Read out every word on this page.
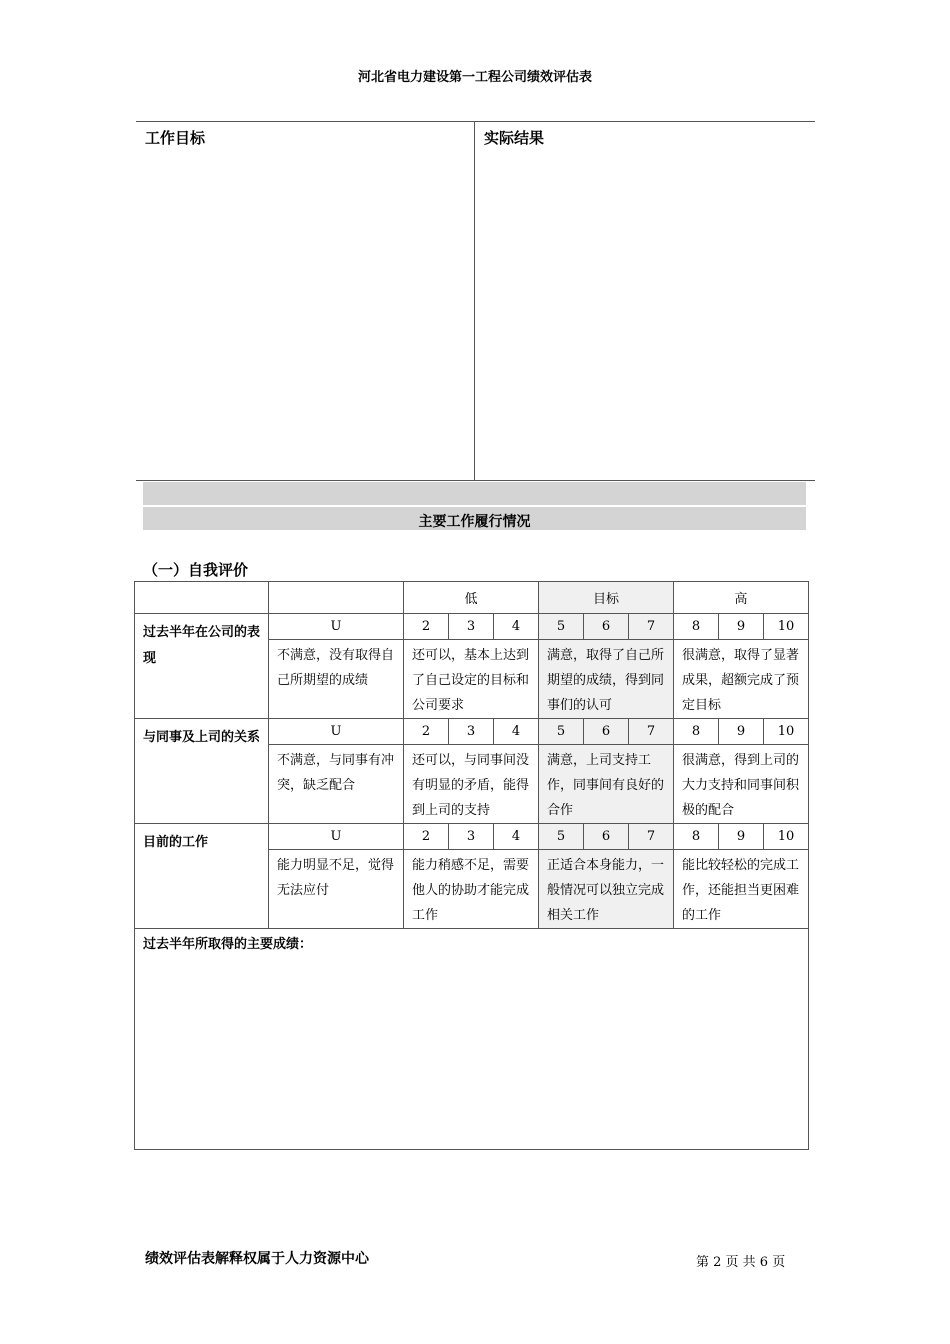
河北省电力建设第一工程公司绩效评估表
工作目标	实际结果
主要工作履行情况
（一）自我评价
		低			目标			高		
过去半年在公司的表现	U	2	3	4	5	6	7	8	9	10
	不满意，没有取得自己所期望的成绩	还可以，基本上达到了自己设定的目标和公司要求			满意，取得了自己所期望的成绩，得到同事们的认可			很满意，取得了显著成果，超额完成了预定目标		
与同事及上司的关系	U	2	3	4	5	6	7	8	9	10
	不满意，与同事有冲突，缺乏配合	还可以，与同事间没有明显的矛盾，能得到上司的支持			满意，上司支持工作，同事间有良好的合作			很满意，得到上司的大力支持和同事间积极的配合		
目前的工作	U	2	3	4	5	6	7	8	9	10
	能力明显不足，觉得无法应付	能力稍感不足，需要他人的协助才能完成工作			正适合本身能力，一般情况可以独立完成相关工作			能比较轻松的完成工作，还能担当更困难的工作		
过去半年所取得的主要成绩：										
绩效评估表解释权属于人力资源中心	第 2 页 共 6 页
